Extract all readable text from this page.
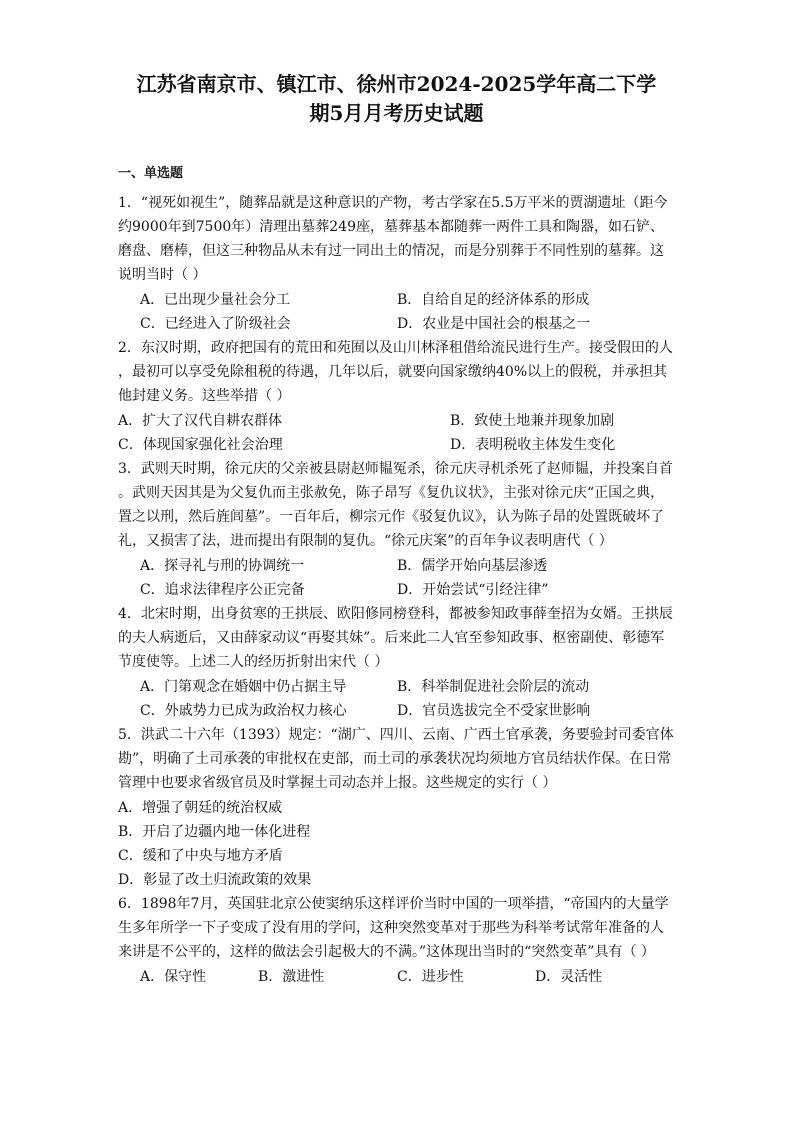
江苏省南京市、镇江市、徐州市2024-2025学年高二下学
期5月月考历史试题
一、单选题
1．“视死如视生”，随葬品就是这种意识的产物，考古学家在5.5万平米的贾湖遗址（距今
约9000年到7500年）清理出墓葬249座，墓葬基本都随葬一两件工具和陶器，如石铲、
磨盘、磨棒，但这三种物品从未有过一同出土的情况，而是分别葬于不同性别的墓葬。这
说明当时（ ）
A．已出现少量社会分工	B．自给自足的经济体系的形成
C．已经进入了阶级社会	D．农业是中国社会的根基之一
2．东汉时期，政府把国有的荒田和苑囿以及山川林泽租借给流民进行生产。接受假田的人
，最初可以享受免除租税的待遇，几年以后，就要向国家缴纳40%以上的假税，并承担其
他封建义务。这些举措（ ）
A．扩大了汉代自耕农群体	B．致使土地兼并现象加剧
C．体现国家强化社会治理	D．表明税收主体发生变化
3．武则天时期，徐元庆的父亲被县尉赵师韫冤杀，徐元庆寻机杀死了赵师韫，并投案自首
。武则天因其是为父复仇而主张赦免，陈子昂写《复仇议状》，主张对徐元庆“正国之典，
置之以刑，然后旌闾墓”。一百年后，柳宗元作《驳复仇议》，认为陈子昂的处置既破坏了
礼，又损害了法，进而提出有限制的复仇。“徐元庆案”的百年争议表明唐代（ ）
A．探寻礼与刑的协调统一	B．儒学开始向基层渗透
C．追求法律程序公正完备	D．开始尝试“引经注律”
4．北宋时期，出身贫寒的王拱辰、欧阳修同榜登科，都被参知政事薛奎招为女婿。王拱辰
的夫人病逝后，又由薛家动议“再娶其妹”。后来此二人官至参知政事、枢密副使、彰德军
节度使等。上述二人的经历折射出宋代（ ）
A．门第观念在婚姻中仍占据主导	B．科举制促进社会阶层的流动
C．外戚势力已成为政治权力核心	D．官员选拔完全不受家世影响
5．洪武二十六年（1393）规定：“湖广、四川、云南、广西土官承袭，务要验封司委官体
勘”，明确了土司承袭的审批权在吏部，而土司的承袭状况均须地方官员结状作保。在日常
管理中也要求省级官员及时掌握土司动态并上报。这些规定的实行（ ）
A．增强了朝廷的统治权威
B．开启了边疆内地一体化进程
C．缓和了中央与地方矛盾
D．彰显了改土归流政策的效果
6．1898年7月，英国驻北京公使窦纳乐这样评价当时中国的一项举措，“帝国内的大量学
生多年所学一下子变成了没有用的学问，这种突然变革对于那些为科举考试常年准备的人
来讲是不公平的，这样的做法会引起极大的不满。”这体现出当时的“突然变革”具有（ ）
A．保守性	B．激进性	C．进步性	D．灵活性
